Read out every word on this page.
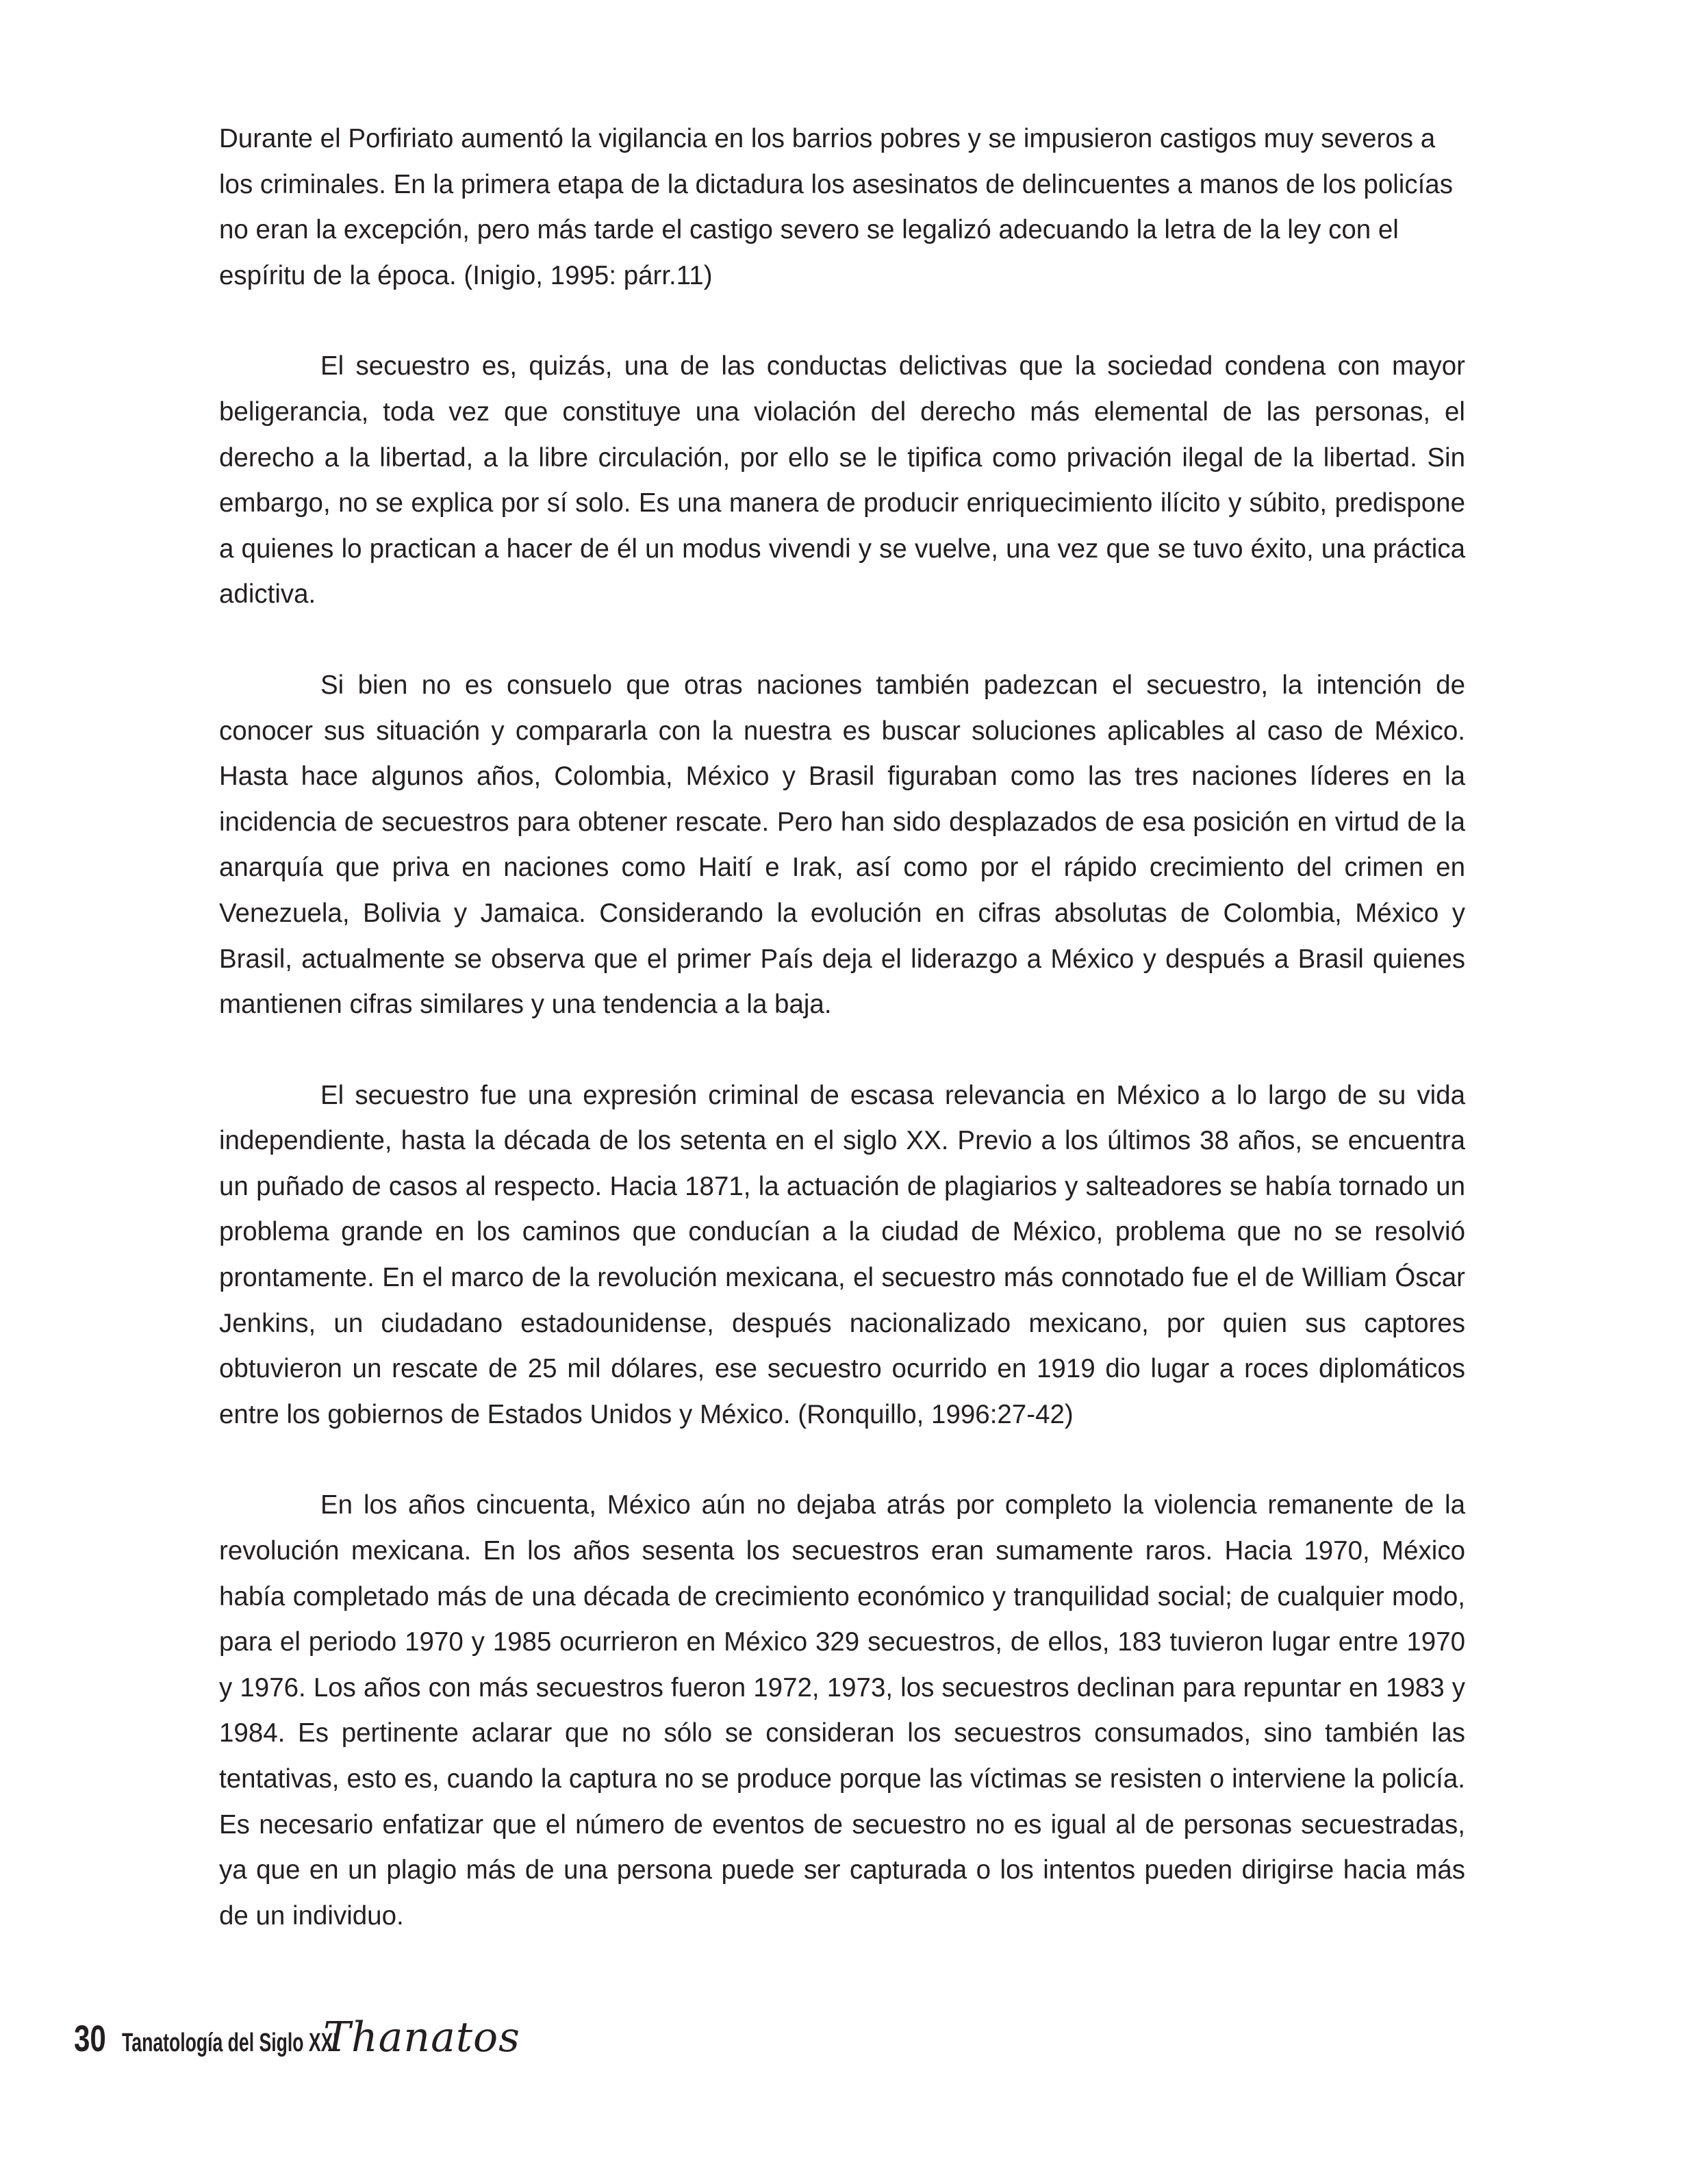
Durante el Porfiriato aumentó la vigilancia en los barrios pobres y se impusieron castigos muy severos a los criminales. En la primera etapa de la dictadura los asesinatos de delincuentes a manos de los policías no eran la excepción, pero más tarde el castigo severo se legalizó adecuando la letra de la ley con el espíritu de la época. (Inigio, 1995: párr.11)

El secuestro es, quizás, una de las conductas delictivas que la sociedad condena con mayor beligerancia, toda vez que constituye una violación del derecho más elemental de las personas, el derecho a la libertad, a la libre circulación, por ello se le tipifica como privación ilegal de la libertad. Sin embargo, no se explica por sí solo. Es una manera de producir enriquecimiento ilícito y súbito, predispone a quienes lo practican a hacer de él un modus vivendi y se vuelve, una vez que se tuvo éxito, una práctica adictiva.

Si bien no es consuelo que otras naciones también padezcan el secuestro, la intención de conocer sus situación y compararla con la nuestra es buscar soluciones aplicables al caso de México. Hasta hace algunos años, Colombia, México y Brasil figuraban como las tres naciones líderes en la incidencia de secuestros para obtener rescate. Pero han sido desplazados de esa posición en virtud de la anarquía que priva en naciones como Haití e Irak, así como por el rápido crecimiento del crimen en Venezuela, Bolivia y Jamaica. Considerando la evolución en cifras absolutas de Colombia, México y Brasil, actualmente se observa que el primer País deja el liderazgo a México y después a Brasil quienes mantienen cifras similares y una tendencia a la baja.

El secuestro fue una expresión criminal de escasa relevancia en México a lo largo de su vida independiente, hasta la década de los setenta en el siglo XX. Previo a los últimos 38 años, se encuentra un puñado de casos al respecto. Hacia 1871, la actuación de plagiarios y salteadores se había tornado un problema grande en los caminos que conducían a la ciudad de México, problema que no se resolvió prontamente. En el marco de la revolución mexicana, el secuestro más connotado fue el de William Óscar Jenkins, un ciudadano estadounidense, después nacionalizado mexicano, por quien sus captores obtuvieron un rescate de 25 mil dólares, ese secuestro ocurrido en 1919 dio lugar a roces diplomáticos entre los gobiernos de Estados Unidos y México. (Ronquillo, 1996:27-42)

En los años cincuenta, México aún no dejaba atrás por completo la violencia remanente de la revolución mexicana. En los años sesenta los secuestros eran sumamente raros. Hacia 1970, México había completado más de una década de crecimiento económico y tranquilidad social; de cualquier modo, para el periodo 1970 y 1985 ocurrieron en México 329 secuestros, de ellos, 183 tuvieron lugar entre 1970 y 1976. Los años con más secuestros fueron 1972, 1973, los secuestros declinan para repuntar en 1983 y 1984. Es pertinente aclarar que no sólo se consideran los secuestros consumados, sino también las tentativas, esto es, cuando la captura no se produce porque las víctimas se resisten o interviene la policía. Es necesario enfatizar que el número de eventos de secuestro no es igual al de personas secuestradas, ya que en un plagio más de una persona puede ser capturada o los intentos pueden dirigirse hacia más de un individuo.

30 Tanatología del Siglo XXI
Thanatos
